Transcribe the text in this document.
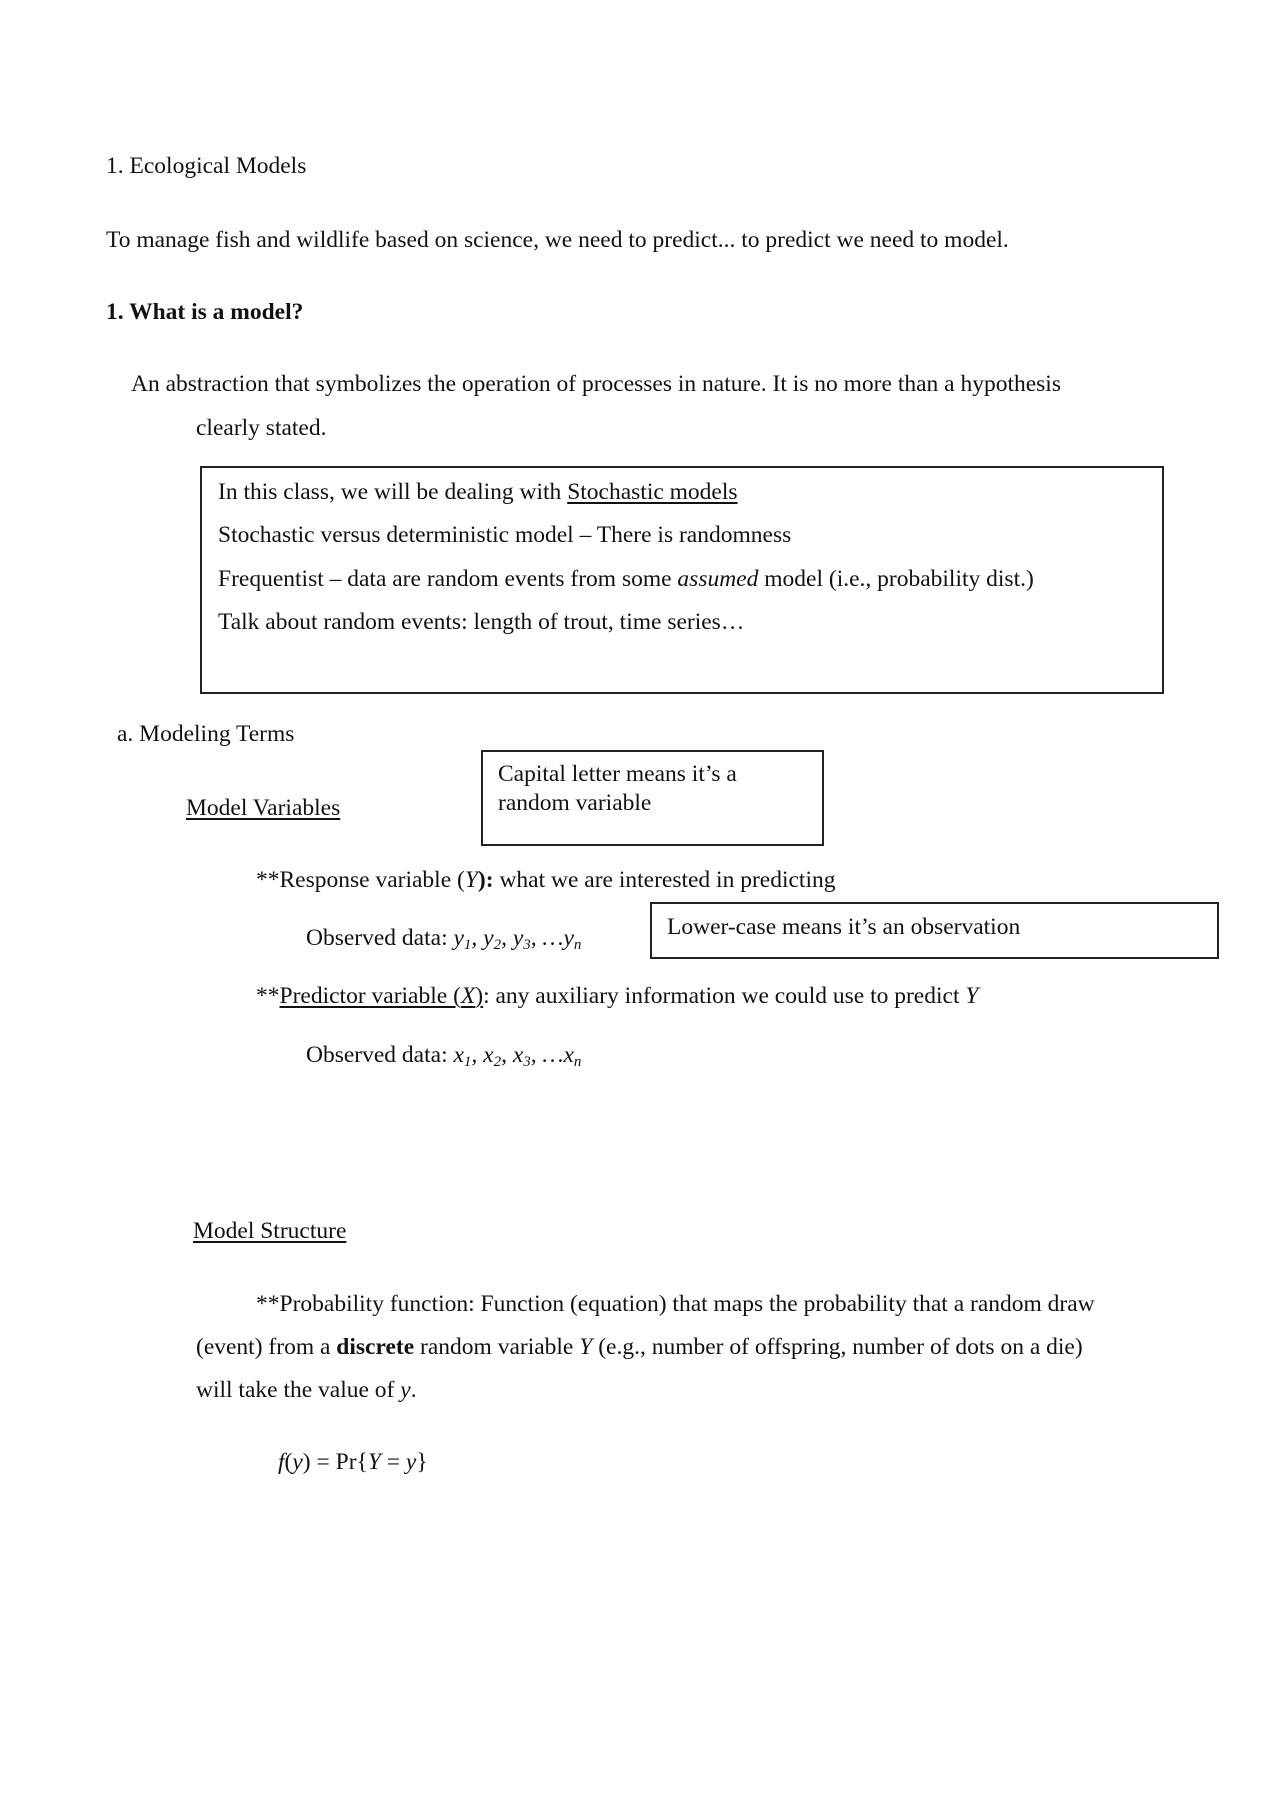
1. Ecological Models
To manage fish and wildlife based on science, we need to predict... to predict we need to model.
1. What is a model?
An abstraction that symbolizes the operation of processes in nature. It is no more than a hypothesis
clearly stated.
In this class, we will be dealing with Stochastic models
Stochastic versus deterministic model – There is randomness
Frequentist – data are random events from some assumed model (i.e., probability dist.)
Talk about random events: length of trout, time series…
a. Modeling Terms
Model Variables
Capital letter means it’s a
random variable
**Response variable (Y): what we are interested in predicting
Observed data: $y_1$, $y_2$, $y_3$, $\dots y_n$
Lower-case means it’s an observation
**Predictor variable (X): any auxiliary information we could use to predict Y
Observed data: $x_1$, $x_2$, $x_3$, $\dots x_n$
Model Structure
**Probability function: Function (equation) that maps the probability that a random draw
(event) from a discrete random variable Y (e.g., number of offspring, number of dots on a die)
will take the value of y.
f(y) = Pr{Y = y}
